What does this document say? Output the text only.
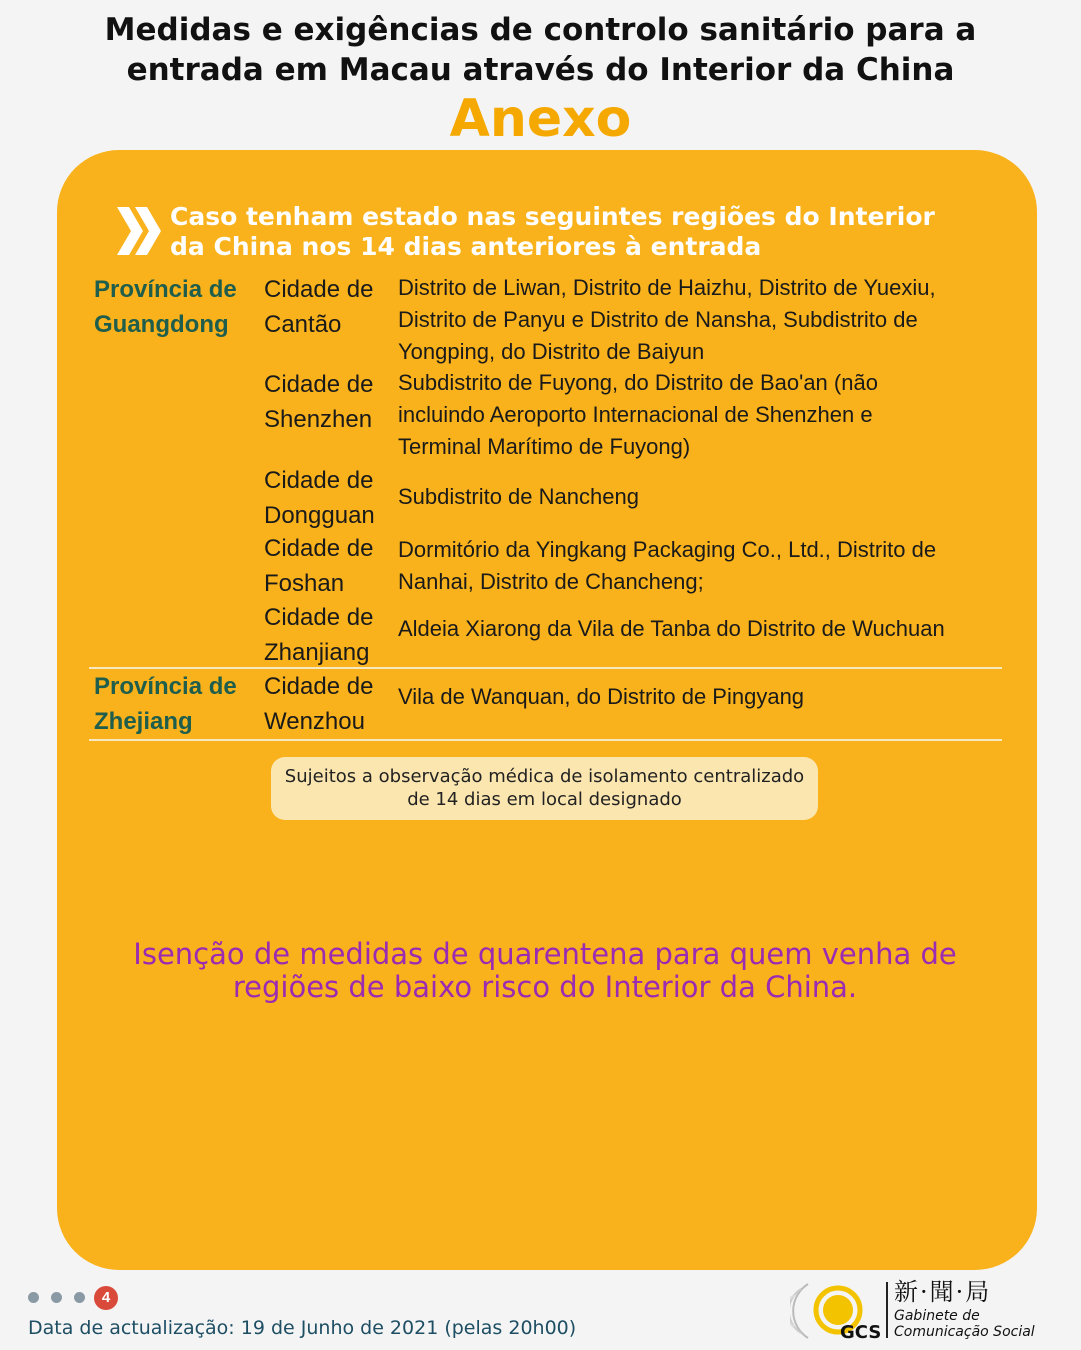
Medidas e exigências de controlo sanitário para a
entrada em Macau através do Interior da China
Anexo
Caso tenham estado nas seguintes regiões do Interior
da China nos 14 dias anteriores à entrada
Província de
Guangdong
Cidade de
Cantão
Distrito de Liwan, Distrito de Haizhu, Distrito de Yuexiu,
Distrito de Panyu e Distrito de Nansha, Subdistrito de
Yongping, do Distrito de Baiyun
Cidade de
Shenzhen
Subdistrito de Fuyong, do Distrito de Bao'an (não
incluindo Aeroporto Internacional de Shenzhen e
Terminal Marítimo de Fuyong)
Cidade de
Dongguan
Subdistrito de Nancheng
Cidade de
Foshan
Dormitório da Yingkang Packaging Co., Ltd., Distrito de
Nanhai, Distrito de Chancheng;
Cidade de
Zhanjiang
Aldeia Xiarong da Vila de Tanba do Distrito de Wuchuan
Província de
Zhejiang
Cidade de
Wenzhou
Vila de Wanquan, do Distrito de Pingyang
Sujeitos a observação médica de isolamento centralizado
de 14 dias em local designado
Isenção de medidas de quarentena para quem venha de
regiões de baixo risco do Interior da China.
4
Data de actualização: 19 de Junho de 2021 (pelas 20h00)	GCS
新·聞·局
Gabinete de
Comunicação Social
